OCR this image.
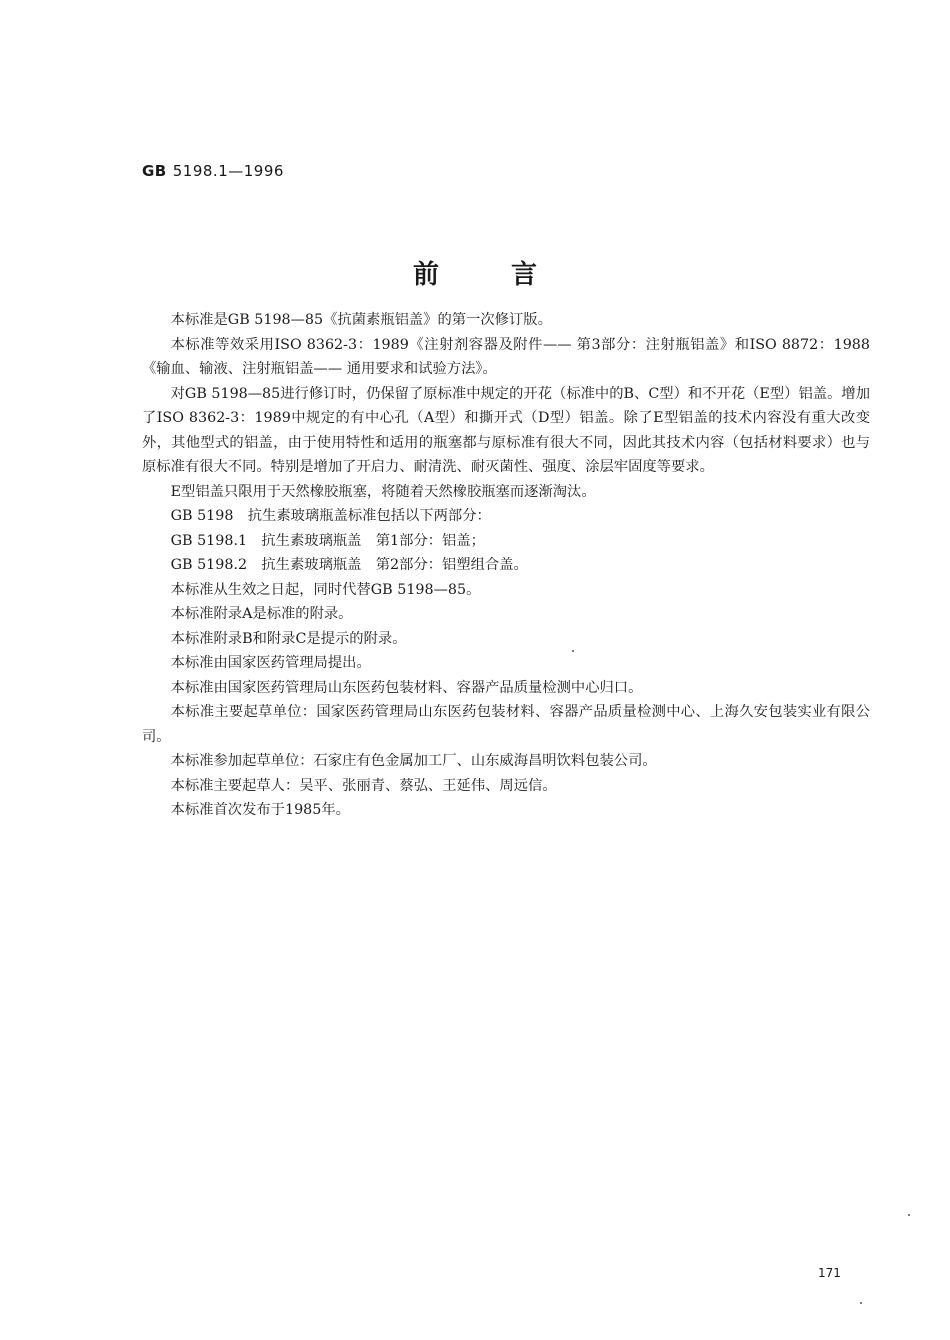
GB 5198.1—1996
前言

本标准是GB 5198—85《抗菌素瓶铝盖》的第一次修订版。

本标准等效采用ISO 8362-3：1989《注射剂容器及附件—— 第3部分：注射瓶铝盖》和ISO 8872：1988《输血、输液、注射瓶铝盖—— 通用要求和试验方法》。

对GB 5198—85进行修订时，仍保留了原标准中规定的开花（标准中的B、C型）和不开花（E型）铝盖。增加了ISO 8362-3：1989中规定的有中心孔（A型）和撕开式（D型）铝盖。除了E型铝盖的技术内容没有重大改变外，其他型式的铝盖，由于使用特性和适用的瓶塞都与原标准有很大不同，因此其技术内容（包括材料要求）也与原标准有很大不同。特别是增加了开启力、耐清洗、耐灭菌性、强度、涂层牢固度等要求。

E型铝盖只限用于天然橡胶瓶塞，将随着天然橡胶瓶塞而逐渐淘汰。

GB 5198　抗生素玻璃瓶盖标准包括以下两部分：

GB 5198.1　抗生素玻璃瓶盖　第1部分：铝盖；

GB 5198.2　抗生素玻璃瓶盖　第2部分：铝塑组合盖。

本标准从生效之日起，同时代替GB 5198—85。

本标准附录A是标准的附录。

本标准附录B和附录C是提示的附录。

本标准由国家医药管理局提出。

本标准由国家医药管理局山东医药包装材料、容器产品质量检测中心归口。

本标准主要起草单位：国家医药管理局山东医药包装材料、容器产品质量检测中心、上海久安包装实业有限公司。

本标准参加起草单位：石家庄有色金属加工厂、山东威海昌明饮料包装公司。

本标准主要起草人：吴平、张丽青、蔡弘、王延伟、周远信。

本标准首次发布于1985年。

171
